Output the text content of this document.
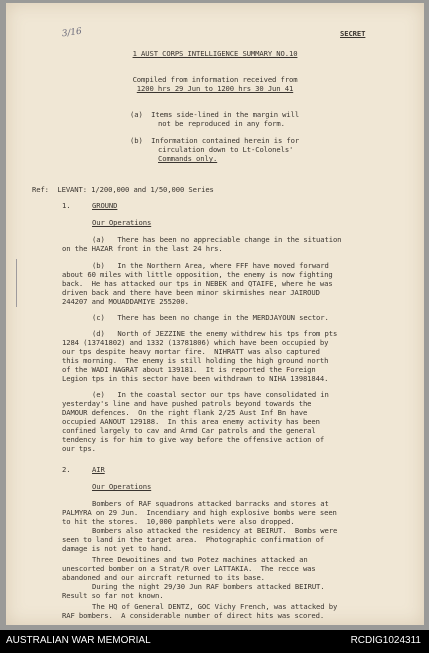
3/16	SECRET
1 AUST CORPS INTELLIGENCE SUMMARY NO.10
Compiled from information received from
1200 hrs 29 Jun to 1200 hrs 30 Jun 41
(a)  Items side-lined in the margin will
not be reproduced in any form.
(b)  Information contained herein is for
circulation down to Lt-Colonels'
Commands only.
Ref:  LEVANT: 1/200,000 and 1/50,000 Series
1.	GROUND
Our Operations
(a)   There has been no appreciable change in the situation
on the HAZAR front in the last 24 hrs.
(b)   In the Northern Area, where FFF have moved forward
about 60 miles with little opposition, the enemy is now fighting
back.  He has attacked our tps in NEBEK and QTAIFE, where he was
driven back and there have been minor skirmishes near JAIROUD
244207 and MOUADDAMIYE 255200.
(c)   There has been no change in the MERDJAYOUN sector.
(d)   North of JEZZINE the enemy withdrew his tps from pts
1284 (13741802) and 1332 (13781806) which have been occupied by
our tps despite heavy mortar fire.  NIHRATT was also captured
this morning.  The enemy is still holding the high ground north
of the WADI NAGRAT about 139181.  It is reported the Foreign
Legion tps in this sector have been withdrawn to NIHA 13981844.
(e)   In the coastal sector our tps have consolidated in
yesterday's line and have pushed patrols beyond towards the
DAMOUR defences.  On the right flank 2/25 Aust Inf Bn have
occupied AANOUT 129188.  In this area enemy activity has been
confined largely to cav and Armd Car patrols and the general
tendency is for him to give way before the offensive action of
our tps.
2.	AIR
Our Operations
Bombers of RAF squadrons attacked barracks and stores at
PALMYRA on 29 Jun.  Incendiary and high explosive bombs were seen
to hit the stores.  10,000 pamphlets were also dropped.
Bombers also attacked the residency at BEIRUT.  Bombs were
seen to land in the target area.  Photographic confirmation of
damage is not yet to hand.
Three Dewoitines and two Potez machines attacked an
unescorted bomber on a Strat/R over LATTAKIA.  The recce was
abandoned and our aircraft returned to its base.
During the night 29/30 Jun RAF bombers attacked BEIRUT.
Result so far not known.
The HQ of General DENTZ, GOC Vichy French, was attacked by
RAF bombers.  A considerable number of direct hits was scored.
AUSTRALIAN WAR MEMORIAL	RCDIG1024311
